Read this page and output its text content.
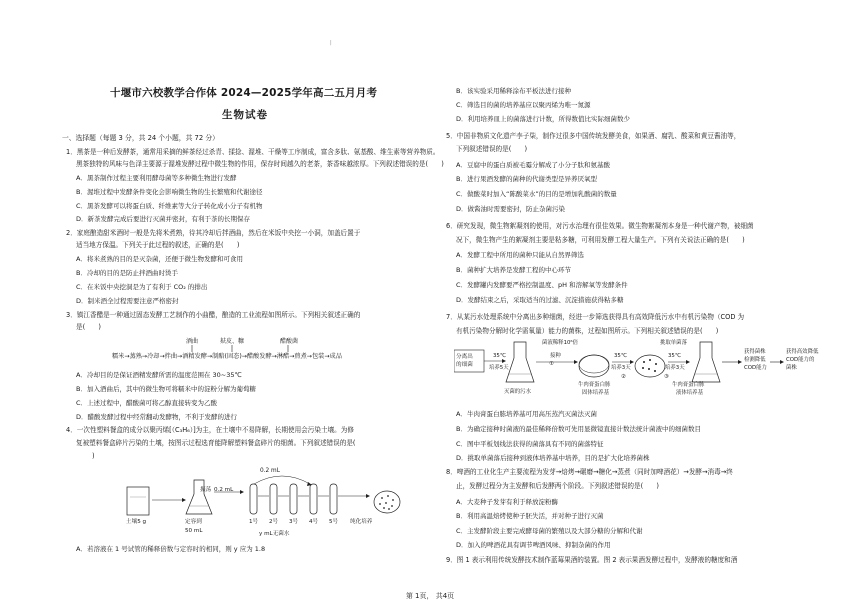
|
十堰市六校教学合作体 2024—2025学年高二五月月考
生物试卷
一、选择题（每题 3 分，共 24 个小题，共 72 分）
1．黑茶是一种后发酵茶，通常用采摘的鲜茶经过杀青、揉捻、渥堆、干燥等工序制成，富含多肽、氨基酸、维生素等营养物质。
黑茶独特的风味与色泽主要源于渥堆发酵过程中微生物的作用，保存时间越久的老茶，茶香味越浓厚。下列叙述错误的是(　　)
A．黑茶制作过程主要利用酵母菌等多种微生物进行发酵
B．渥堆过程中发酵条件变化会影响微生物的生长繁殖和代谢途径
C．黑茶发酵可以将蛋白质、纤维素等大分子转化成小分子有机物
D．新茶发酵完成后要进行灭菌并密封，有利于茶的长期保存
2．家庭酿造甜米酒时一般是先将米煮熟，待其冷却后拌酒曲，然后在米饭中央挖一小洞，加盖后置于
适当地方保温。下列关于此过程的叙述，正确的是(　　)
A．将米煮熟的目的是灭杂菌，还便于微生物发酵和可食用
B．冷却的目的是防止拌酒曲时烫手
C．在米饭中央挖洞是为了有利于 CO₂ 的排出
D．制米酒全过程需要注意严格密封
3．镇江香醋是一种通过固态发酵工艺制作的小曲醋，酿造的工业流程如图所示。下列相关叙述正确的
是(　　)
酒曲	麸皮、糠	醋酸菌
糯米→蒸熟→冷却→拌曲→酒精发酵→制醅(固态)→醋酸发酵→淋醋→煎煮→包装→成品
A．冷却目的是保证酒精发酵所需的温度范围在 30~35℃
B．加入酒曲后，其中的微生物可将糯米中的淀粉分解为葡萄糖
C．上述过程中，醋酸菌可将乙醇直接转变为乙酸
D．醋酸发酵过程中经常翻动发酵物，不利于发酵的进行
4．一次性塑料餐盒的成分以聚丙烯[（C₃H₆）]为主，在土壤中不易降解，长期使用会污染土壤。为修
复被塑料餐盒碎片污染的土壤，按图示过程选育能降解塑料餐盒碎片的细菌。下列叙述错误的是(
)
0.2 mL
振荡 0.2 mL
土壤5 g	定容到
50 mL
1号 2号 3号 4号 5号 纯化培养
y mL无菌水
A．若溶液在 1 号试管的稀释倍数与定容时的相同，则 y 应为 1.8
B．该实验采用稀释涂布平板法进行接种
C．筛选目的菌的培养基应以聚丙烯为唯一氮源
D．利用培养皿上的菌落进行计数，所得数值比实际细菌数少
5．中国非物质文化遗产李子柒，制作过很多中国传统发酵美食，如果酒、腐乳、酸菜和黄豆酱油等，
下列叙述错误的是(　　)
A．豆腐中的蛋白质被毛霉分解成了小分子肽和氨基酸
B．进行果酒发酵的菌种的代谢类型是异养厌氧型
C．做酸菜时加入“陈酸菜水”的目的是增加乳酸菌的数量
D．做酱油时需要密封，防止杂菌污染
6．研究发现，微生物絮凝剂的使用，对污水治理有很佳效果。微生物絮凝剂本身是一种代谢产物，被细菌
况下，微生物产生的絮凝剂主要是粘多糖，可利用发酵工程大量生产。下列有关说法正确的是(　　)
A．发酵工程中所用的菌种只能从自然界筛选
B．菌种扩大培养是发酵工程的中心环节
C．发酵罐内发酵要严格控制温度、pH 和溶解氧等发酵条件
D．发酵结束之后，采取适当的过滤、沉淀措施获得粘多糖
7．从某污水处理系统中分离出多种细菌，经进一步筛选获得具有高效降低污水中有机污染物（COD 为
有机污染物分解时化学需氧量）能力的菌株，过程如图所示。下列相关叙述错误的是(　　)
分离出
的细菌
35℃
培养5天
菌液稀释10⁶倍
接种	35℃
培养3天
挑取单菌落
35℃
培养3天
获得菌株
检测降低
COD能力
获得高效降低
COD能力的
菌株
灭菌的污水
牛肉膏蛋白胨
固体培养基
牛肉膏蛋白胨
液体培养基
①
②	③
A．牛肉膏蛋白胨培养基可用高压蒸汽灭菌法灭菌
B．为确定接种时菌液的最佳稀释倍数可先用显微镜直接计数法统计菌液中的细菌数目
C．图中平板划线法获得的菌落具有不同的菌落特征
D．挑取单菌落后接种到液体培养基中培养，目的是扩大化培养菌株
8．啤酒的工业化生产主要流程为发芽→焙烤→碾磨→糖化→蒸煮（同时加啤酒花）→发酵→消毒→终
止，发酵过程分为主发酵和后发酵两个阶段。下列叙述错误的是(　　)
A．大麦种子发芽有利于释放淀粉酶
B．利用高温焙烤使种子胚失活，并对种子进行灭菌
C．主发酵阶段主要完成酵母菌的繁殖以及大部分糖的分解和代谢
D．加入的啤酒花具有调节啤酒风味、抑制杂菌的作用
9．图 1 表示利用传统发酵技术制作蓝莓果酒的装置。图 2 表示果酒发酵过程中，发酵液的糖度和酒
第 1页， 共4页
